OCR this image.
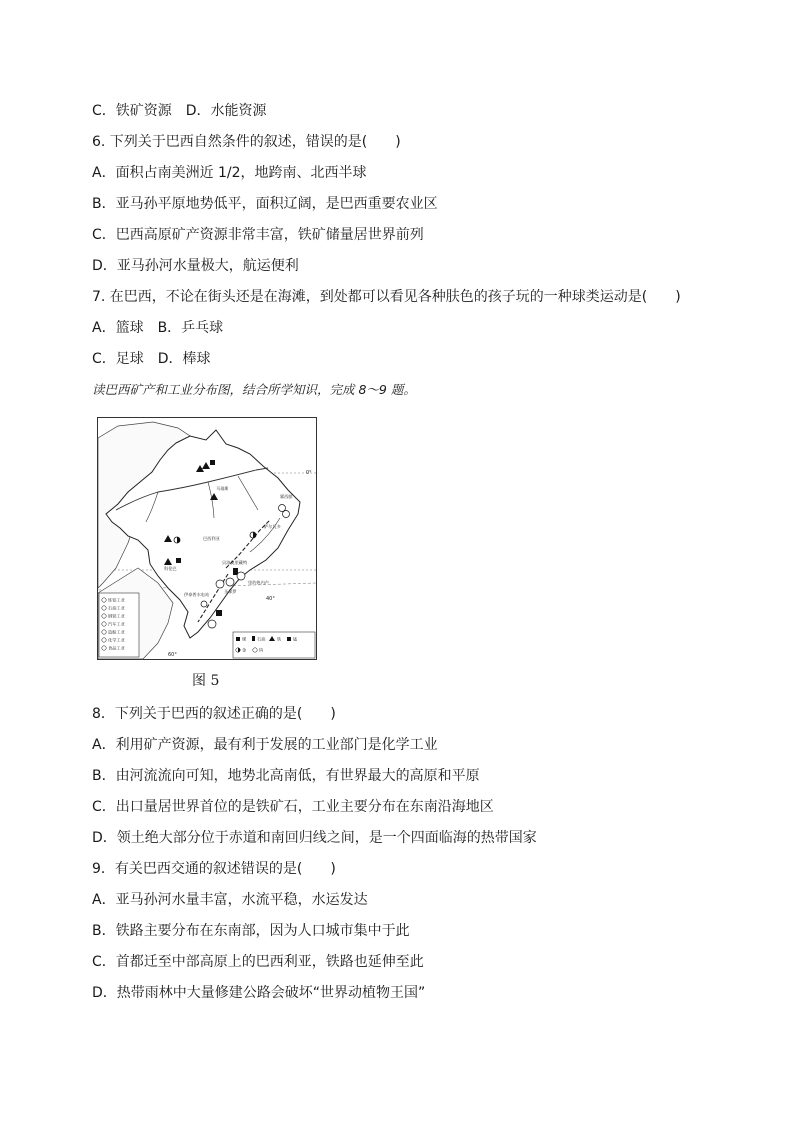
C．铁矿资源　D．水能资源
6. 下列关于巴西自然条件的叙述，错误的是(　　)
A．面积占南美洲近 1/2，地跨南、北西半球
B．亚马孙平原地势低平，面积辽阔，是巴西重要农业区
C．巴西高原矿产资源非常丰富，铁矿储量居世界前列
D．亚马孙河水量极大，航运便利
7. 在巴西，不论在街头还是在海滩，到处都可以看见各种肤色的孩子玩的一种球类运动是(　　)
A．篮球　B．乒乓球
C．足球　D．棒球
读巴西矿产和工业分布图，结合所学知识，完成 8～9 题。
0°
40°
60°
巴西利亚
贝洛奥里藏特
里约热内卢
圣保罗
伊泰普水电站
萨尔瓦多
累西腓
科伦巴
马瑙斯
炼铝工业
石油工业
钢铁工业
汽车工业
造船工业
化学工业
食品工业
煤	石油	铁	锰
金	钨
图 5
8．下列关于巴西的叙述正确的是(　　)
A．利用矿产资源，最有利于发展的工业部门是化学工业
B．由河流流向可知，地势北高南低，有世界最大的高原和平原
C．出口量居世界首位的是铁矿石，工业主要分布在东南沿海地区
D．领土绝大部分位于赤道和南回归线之间，是一个四面临海的热带国家
9．有关巴西交通的叙述错误的是(　　)
A．亚马孙河水量丰富，水流平稳，水运发达
B．铁路主要分布在东南部，因为人口城市集中于此
C．首都迁至中部高原上的巴西利亚，铁路也延伸至此
D．热带雨林中大量修建公路会破坏“世界动植物王国”
